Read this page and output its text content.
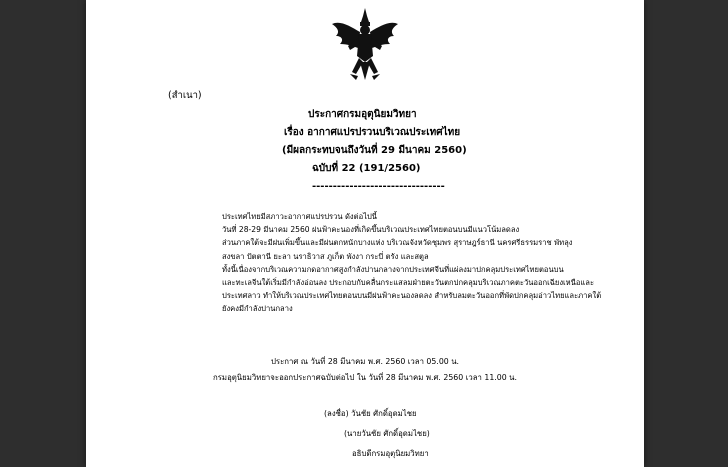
(สำเนา)
ประกาศกรมอุตุนิยมวิทยา
เรื่อง อากาศแปรปรวนบริเวณประเทศไทย
(มีผลกระทบจนถึงวันที่ 29 มีนาคม 2560)
ฉบับที่ 22 (191/2560)
--------------------------------

ประเทศไทยมีสภาวะอากาศแปรปรวน ดังต่อไปนี้

วันที่ 28-29 มีนาคม 2560 ฝนฟ้าคะนองที่เกิดขึ้นบริเวณประเทศไทยตอนบนมีแนวโน้มลดลง

ส่วนภาคใต้จะมีฝนเพิ่มขึ้นและมีฝนตกหนักบางแห่ง บริเวณจังหวัดชุมพร สุราษฎร์ธานี นครศรีธรรมราช พัทลุง

สงขลา ปัตตานี ยะลา นราธิวาส ภูเก็ต พังงา กระบี่ ตรัง และสตูล

ทั้งนี้เนื่องจากบริเวณความกดอากาศสูงกำลังปานกลางจากประเทศจีนที่แผ่ลงมาปกคลุมประเทศไทยตอนบน

และทะเลจีนใต้เริ่มมีกำลังอ่อนลง ประกอบกับคลื่นกระแสลมฝ่ายตะวันตกปกคลุมบริเวณภาคตะวันออกเฉียงเหนือและ

ประเทศลาว ทำให้บริเวณประเทศไทยตอนบนมีฝนฟ้าคะนองลดลง สำหรับลมตะวันออกที่พัดปกคลุมอ่าวไทยและภาคใต้

ยังคงมีกำลังปานกลาง

ประกาศ ณ วันที่ 28 มีนาคม พ.ศ. 2560 เวลา 05.00 น.

กรมอุตุนิยมวิทยาจะออกประกาศฉบับต่อไป ใน วันที่ 28 มีนาคม พ.ศ. 2560 เวลา 11.00 น.

(ลงชื่อ) วันชัย ศักดิ์อุดมไชย

(นายวันชัย ศักดิ์อุดมไชย)

อธิบดีกรมอุตุนิยมวิทยา
